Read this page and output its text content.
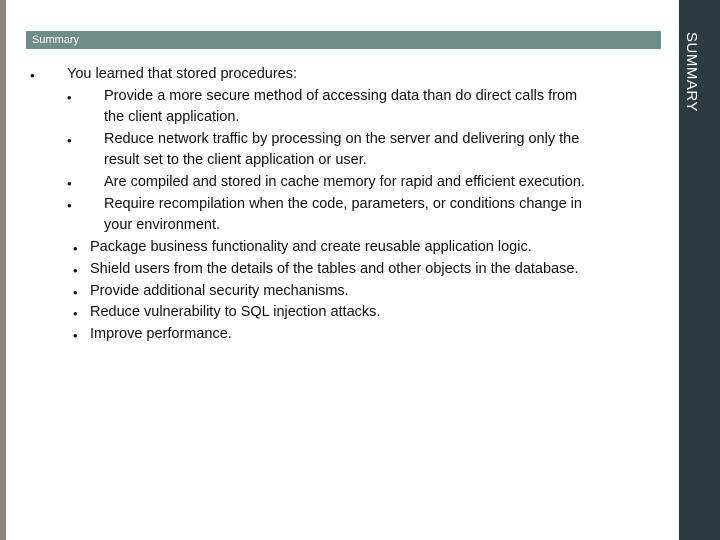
Summary	SUMMARY
• You learned that stored procedures:
• Provide a more secure method of accessing data than do direct calls from
the client application.
• Reduce network traffic by processing on the server and delivering only the
result set to the client application or user.
• Are compiled and stored in cache memory for rapid and efficient execution.
• Require recompilation when the code, parameters, or conditions change in
your environment.
• Package business functionality and create reusable application logic.
• Shield users from the details of the tables and other objects in the database.
• Provide additional security mechanisms.
• Reduce vulnerability to SQL injection attacks.
• Improve performance.
